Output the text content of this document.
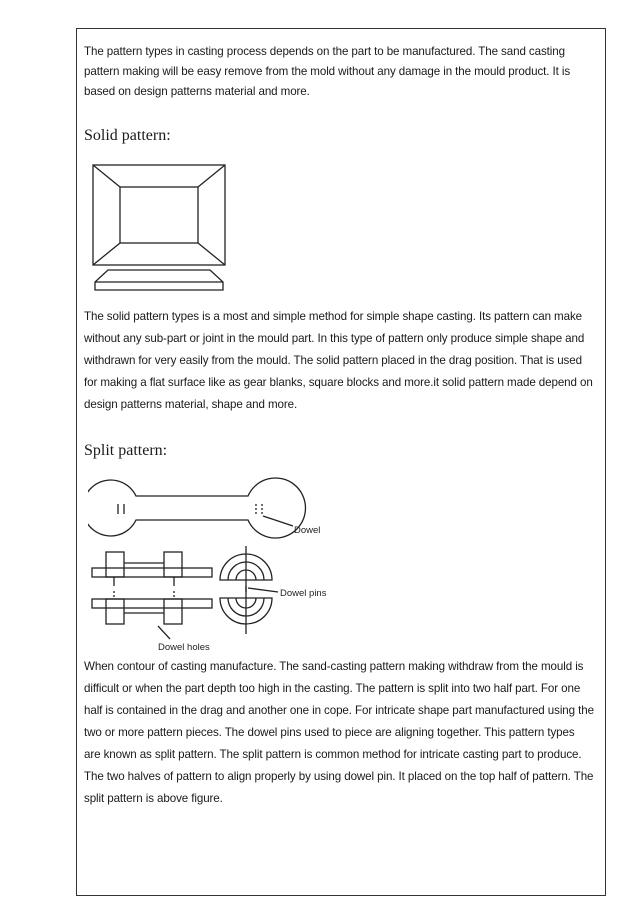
The pattern types in casting process depends on the part to be manufactured. The sand casting pattern making will be easy remove from the mold without any damage in the mould product. It is based on design patterns material and more.

Solid pattern:

The solid pattern types is a most and simple method for simple shape casting. Its pattern can make without any sub-part or joint in the mould part. In this type of pattern only produce simple shape and withdrawn for very easily from the mould. The solid pattern placed in the drag position. That is used for making a flat surface like as gear blanks, square blocks and more.it solid pattern made depend on design patterns material, shape and more.

Split pattern:
Dowel
Dowel pins
Dowel holes

When contour of casting manufacture. The sand-casting pattern making withdraw from the mould is difficult or when the part depth too high in the casting. The pattern is split into two half part. For one half is contained in the drag and another one in cope. For intricate shape part manufactured using the two or more pattern pieces. The dowel pins used to piece are aligning together. This pattern types are known as split pattern. The split pattern is common method for intricate casting part to produce. The two halves of pattern to align properly by using dowel pin. It placed on the top half of pattern. The split pattern is above figure.
